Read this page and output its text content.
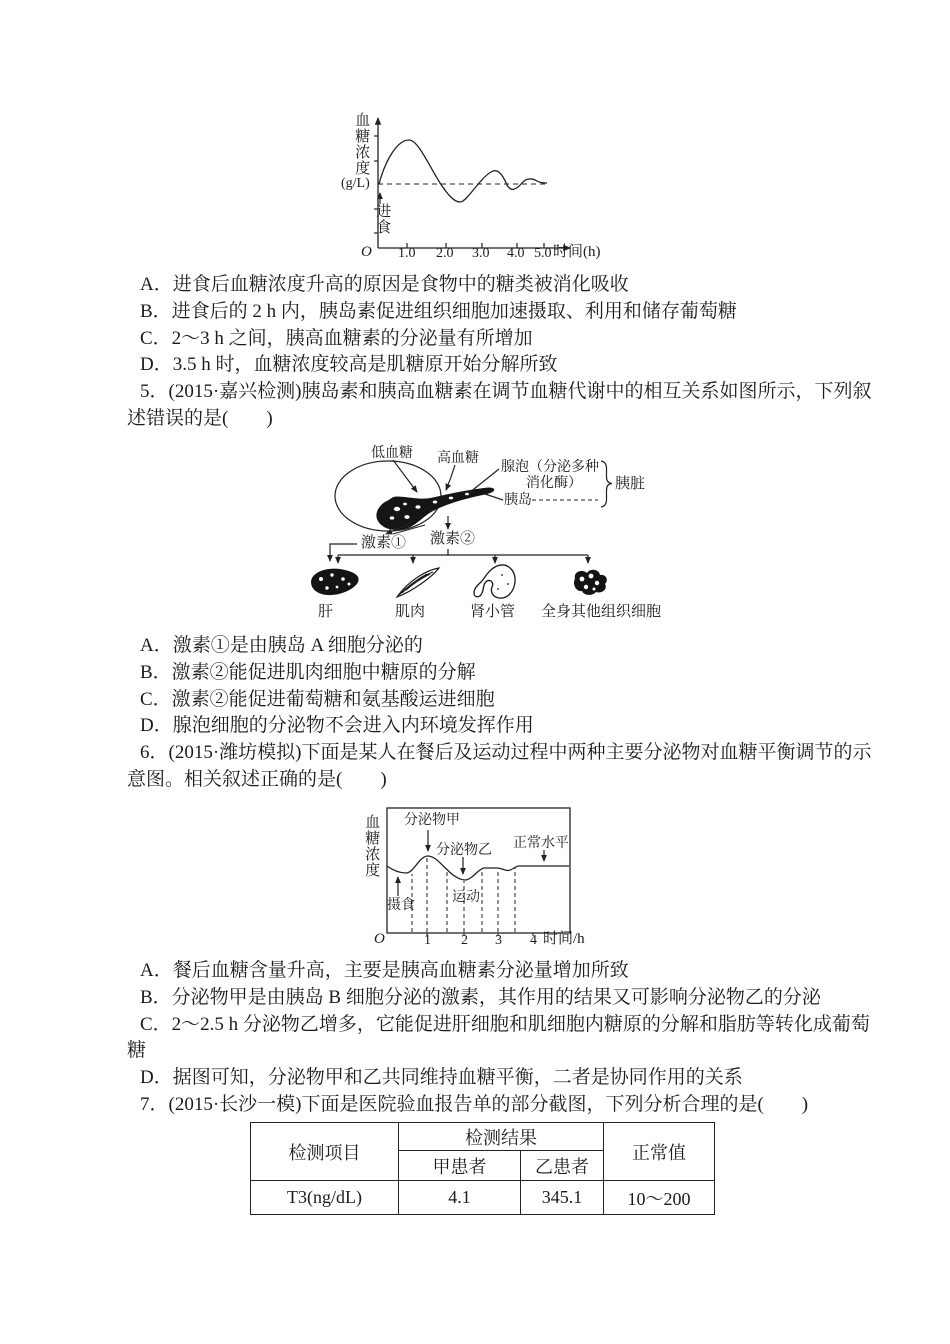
血糖浓度
(g/L)
进食
O 1.0 2.0 3.0 4.0 5.0 时间(h)

A．进食后血糖浓度升高的原因是食物中的糖类被消化吸收

B．进食后的 2 h 内，胰岛素促进组织细胞加速摄取、利用和储存葡萄糖

C．2～3 h 之间，胰高血糖素的分泌量有所增加

D．3.5 h 时，血糖浓度较高是肌糖原开始分解所致

5．(2015·嘉兴检测)胰岛素和胰高血糖素在调节血糖代谢中的相互关系如图所示，下列叙述错误的是(　　)

低血糖 高血糖
腺泡（分泌多种
消化酶） 胰脏
胰岛
激素① 激素②
肝	肌肉	肾小管 全身其他组织细胞

A．激素①是由胰岛 A 细胞分泌的

B．激素②能促进肌肉细胞中糖原的分解

C．激素②能促进葡萄糖和氨基酸运进细胞

D．腺泡细胞的分泌物不会进入内环境发挥作用

6．(2015·潍坊模拟)下面是某人在餐后及运动过程中两种主要分泌物对血糖平衡调节的示意图。相关叙述正确的是(　　)

血糖浓度 分泌物甲
分泌物乙 正常水平
摄食
运动
O	1 2 3 4 时间/h

A．餐后血糖含量升高，主要是胰高血糖素分泌量增加所致

B．分泌物甲是由胰岛 B 细胞分泌的激素，其作用的结果又可影响分泌物乙的分泌

C．2～2.5 h 分泌物乙增多，它能促进肝细胞和肌细胞内糖原的分解和脂肪等转化成葡萄糖

D．据图可知，分泌物甲和乙共同维持血糖平衡，二者是协同作用的关系

7．(2015·长沙一模)下面是医院验血报告单的部分截图，下列分析合理的是(　　)

检测项目	检测结果		正常值
	甲患者	乙患者	
T3(ng/dL)	4.1	345.1	10～200
